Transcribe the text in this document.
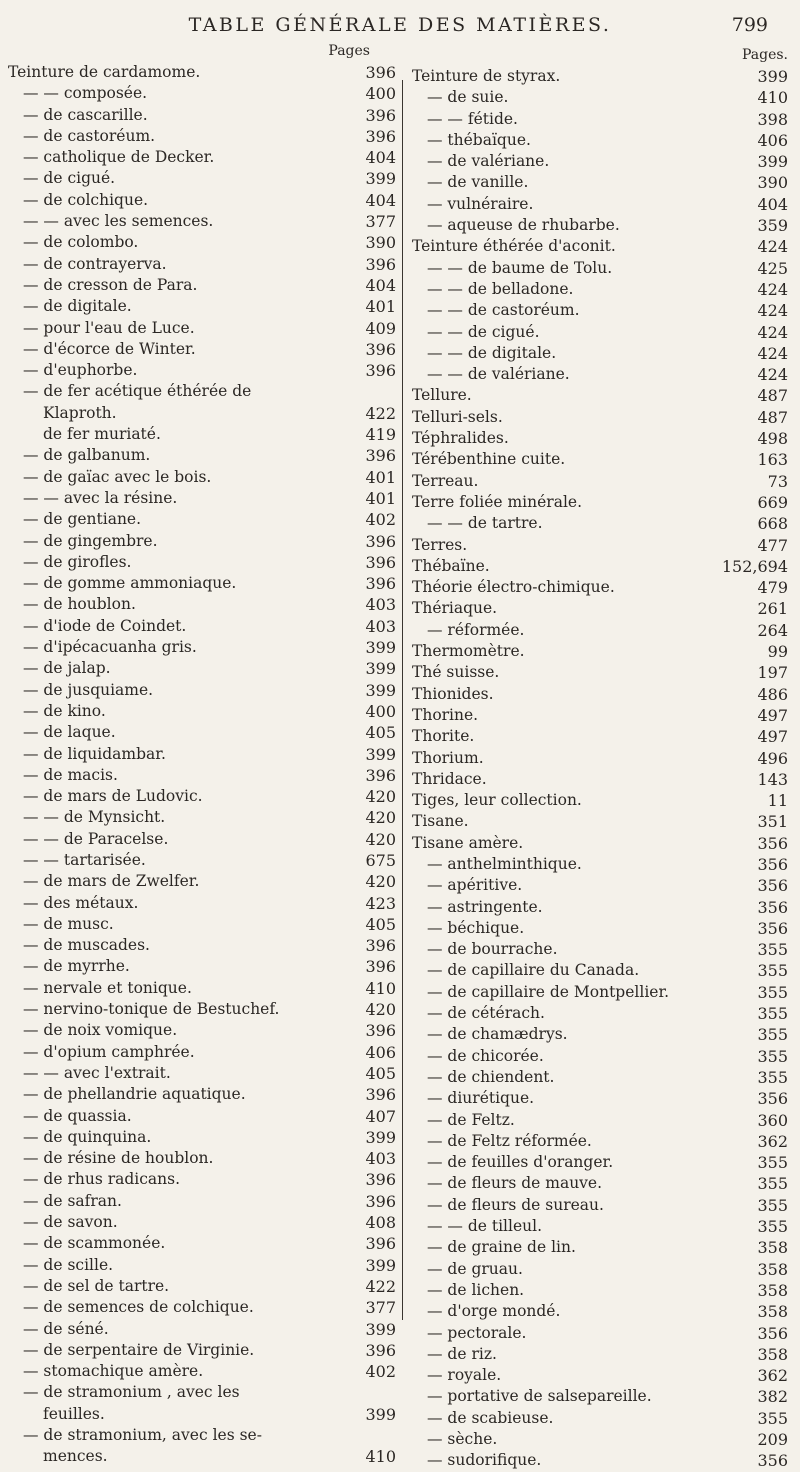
TABLE GÉNÉRALE DES MATIÈRES.	799
Pages
Teinture de cardamome.	396
— — composée.	400
— de cascarille.	396
— de castoréum.	396
— catholique de Decker.	404
— de cigué.	399
— de colchique.	404
— — avec les semences.	377
— de colombo.	390
— de contrayerva.	396
— de cresson de Para.	404
— de digitale.	401
— pour l'eau de Luce.	409
— d'écorce de Winter.	396
— d'euphorbe.	396
— de fer acétique éthérée de
Klaproth.	422
de fer muriaté.	419
— de galbanum.	396
— de gaïac avec le bois.	401
— — avec la résine.	401
— de gentiane.	402
— de gingembre.	396
— de girofles.	396
— de gomme ammoniaque.	396
— de houblon.	403
— d'iode de Coindet.	403
— d'ipécacuanha gris.	399
— de jalap.	399
— de jusquiame.	399
— de kino.	400
— de laque.	405
— de liquidambar.	399
— de macis.	396
— de mars de Ludovic.	420
— — de Mynsicht.	420
— — de Paracelse.	420
— — tartarisée.	675
— de mars de Zwelfer.	420
— des métaux.	423
— de musc.	405
— de muscades.	396
— de myrrhe.	396
— nervale et tonique.	410
— nervino-tonique de Bestuchef.	420
— de noix vomique.	396
— d'opium camphrée.	406
— — avec l'extrait.	405
— de phellandrie aquatique.	396
— de quassia.	407
— de quinquina.	399
— de résine de houblon.	403
— de rhus radicans.	396
— de safran.	396
— de savon.	408
— de scammonée.	396
— de scille.	399
— de sel de tartre.	422
— de semences de colchique.	377
— de séné.	399
— de serpentaire de Virginie.	396
— stomachique amère.	402
— de stramonium , avec les
feuilles.	399
— de stramonium, avec les se-
mences.	410
Pages.
Teinture de styrax.	399
— de suie.	410
— — fétide.	398
— thébaïque.	406
— de valériane.	399
— de vanille.	390
— vulnéraire.	404
— aqueuse de rhubarbe.	359
Teinture éthérée d'aconit.	424
— — de baume de Tolu.	425
— — de belladone.	424
— — de castoréum.	424
— — de cigué.	424
— — de digitale.	424
— — de valériane.	424
Tellure.	487
Telluri-sels.	487
Téphralides.	498
Térébenthine cuite.	163
Terreau.	73
Terre foliée minérale.	669
— — de tartre.	668
Terres.	477
Thébaïne.	152,694
Théorie électro-chimique.	479
Thériaque.	261
— réformée.	264
Thermomètre.	99
Thé suisse.	197
Thionides.	486
Thorine.	497
Thorite.	497
Thorium.	496
Thridace.	143
Tiges, leur collection.	11
Tisane.	351
Tisane amère.	356
— anthelminthique.	356
— apéritive.	356
— astringente.	356
— béchique.	356
— de bourrache.	355
— de capillaire du Canada.	355
— de capillaire de Montpellier.	355
— de cétérach.	355
— de chamædrys.	355
— de chicorée.	355
— de chiendent.	355
— diurétique.	356
— de Feltz.	360
— de Feltz réformée.	362
— de feuilles d'oranger.	355
— de fleurs de mauve.	355
— de fleurs de sureau.	355
— — de tilleul.	355
— de graine de lin.	358
— de gruau.	358
— de lichen.	358
— d'orge mondé.	358
— pectorale.	356
— de riz.	358
— royale.	362
— portative de salsepareille.	382
— de scabieuse.	355
— sèche.	209
— sudorifique.	356
